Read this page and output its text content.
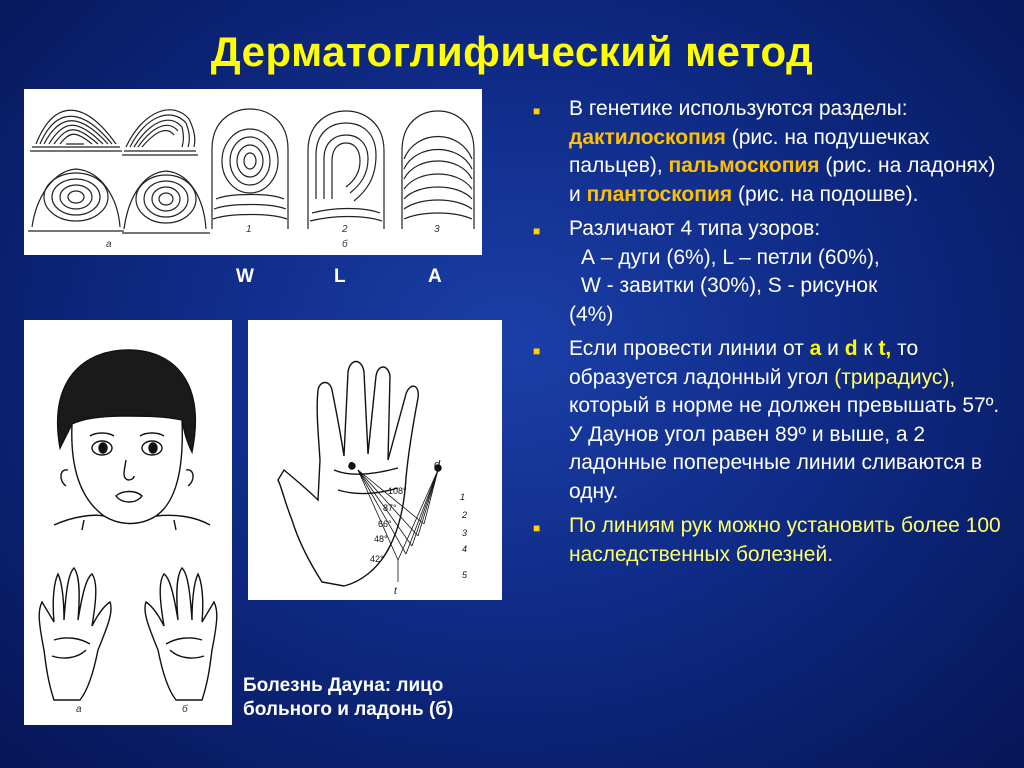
Дерматоглифический метод
а
1	2	3
б
W	L	A
а	б
a	d
108°
87°
66°
48°
42°
1
2
3
4
5
t
Болезнь Дауна: лицо
больного и ладонь (б)
■ В генетике используются разделы: дактилоскопия (рис. на подушечках пальцев), пальмоскопия (рис. на ладонях) и плантоскопия (рис. на подошве).
■ Различают 4 типа узоров:
А – дуги (6%), L – петли (60%),
W - завитки (30%), S - рисунок
(4%)
■ Если провести линии от a и d к t, то образуется ладонный угол (трирадиус), который в норме не должен превышать 57º.
У Даунов угол равен 89º и выше, а 2 ладонные поперечные линии сливаются в одну.
■ По линиям рук можно установить более 100 наследственных болезней.
